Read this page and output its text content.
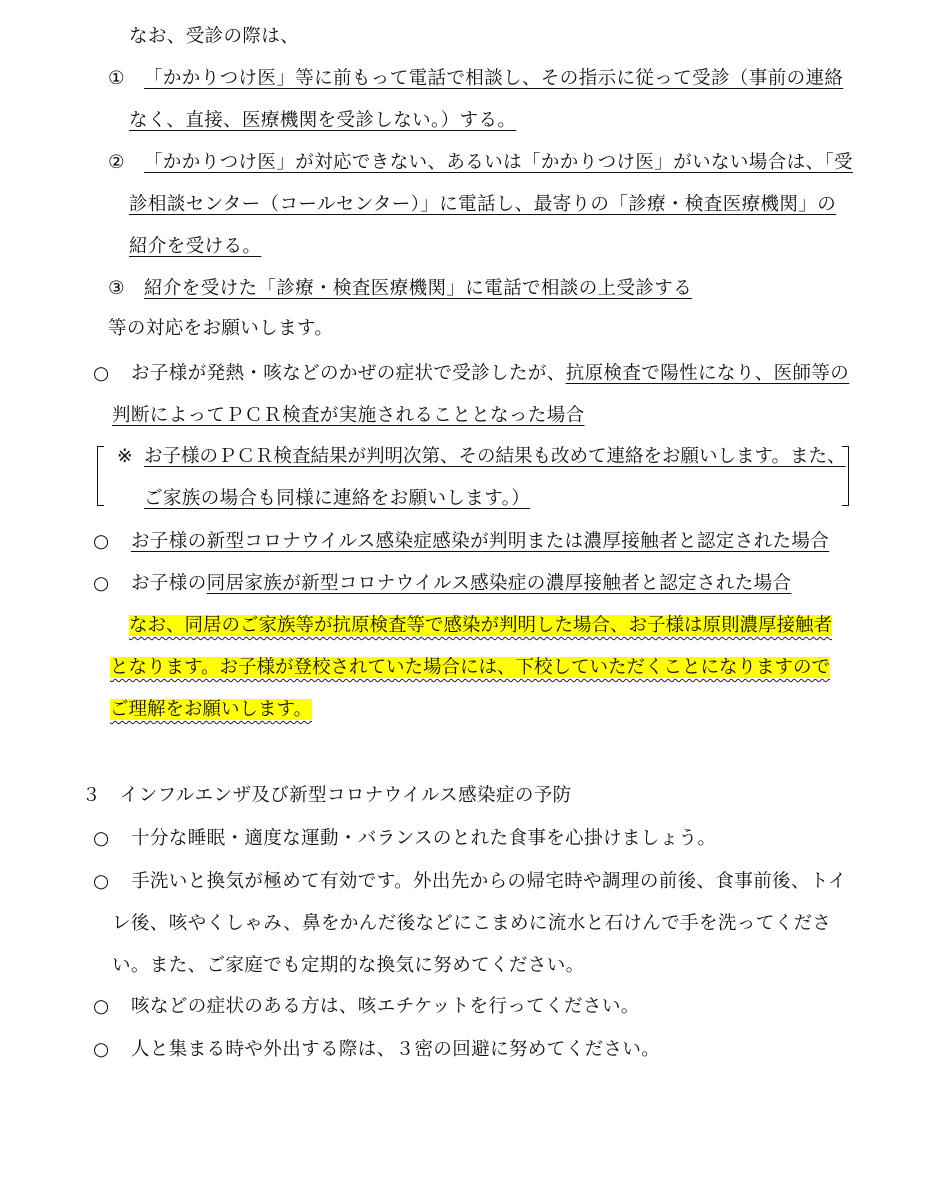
なお、受診の際は、
① 「かかりつけ医」等に前もって電話で相談し、その指示に従って受診（事前の連絡
なく、直接、医療機関を受診しない。）する。
② 「かかりつけ医」が対応できない、あるいは「かかりつけ医」がいない場合は、「受
診相談センター（コールセンター）」に電話し、最寄りの「診療・検査医療機関」の
紹介を受ける。
③ 紹介を受けた「診療・検査医療機関」に電話で相談の上受診する
等の対応をお願いします。
○ お子様が発熱・咳などのかぜの症状で受診したが、抗原検査で陽性になり、医師等の
判断によってＰＣＲ検査が実施されることとなった場合
※ お子様のＰＣＲ検査結果が判明次第、その結果も改めて連絡をお願いします。また、
ご家族の場合も同様に連絡をお願いします。）
○ お子様の新型コロナウイルス感染症感染が判明または濃厚接触者と認定された場合
○ お子様の同居家族が新型コロナウイルス感染症の濃厚接触者と認定された場合
なお、同居のご家族等が抗原検査等で感染が判明した場合、お子様は原則濃厚接触者
となります。お子様が登校されていた場合には、下校していただくことになりますので
ご理解をお願いします。
３　インフルエンザ及び新型コロナウイルス感染症の予防
○ 十分な睡眠・適度な運動・バランスのとれた食事を心掛けましょう。
○ 手洗いと換気が極めて有効です。外出先からの帰宅時や調理の前後、食事前後、トイ
レ後、咳やくしゃみ、鼻をかんだ後などにこまめに流水と石けんで手を洗ってくださ
い。また、ご家庭でも定期的な換気に努めてください。
○ 咳などの症状のある方は、咳エチケットを行ってください。
○ 人と集まる時や外出する際は、３密の回避に努めてください。
